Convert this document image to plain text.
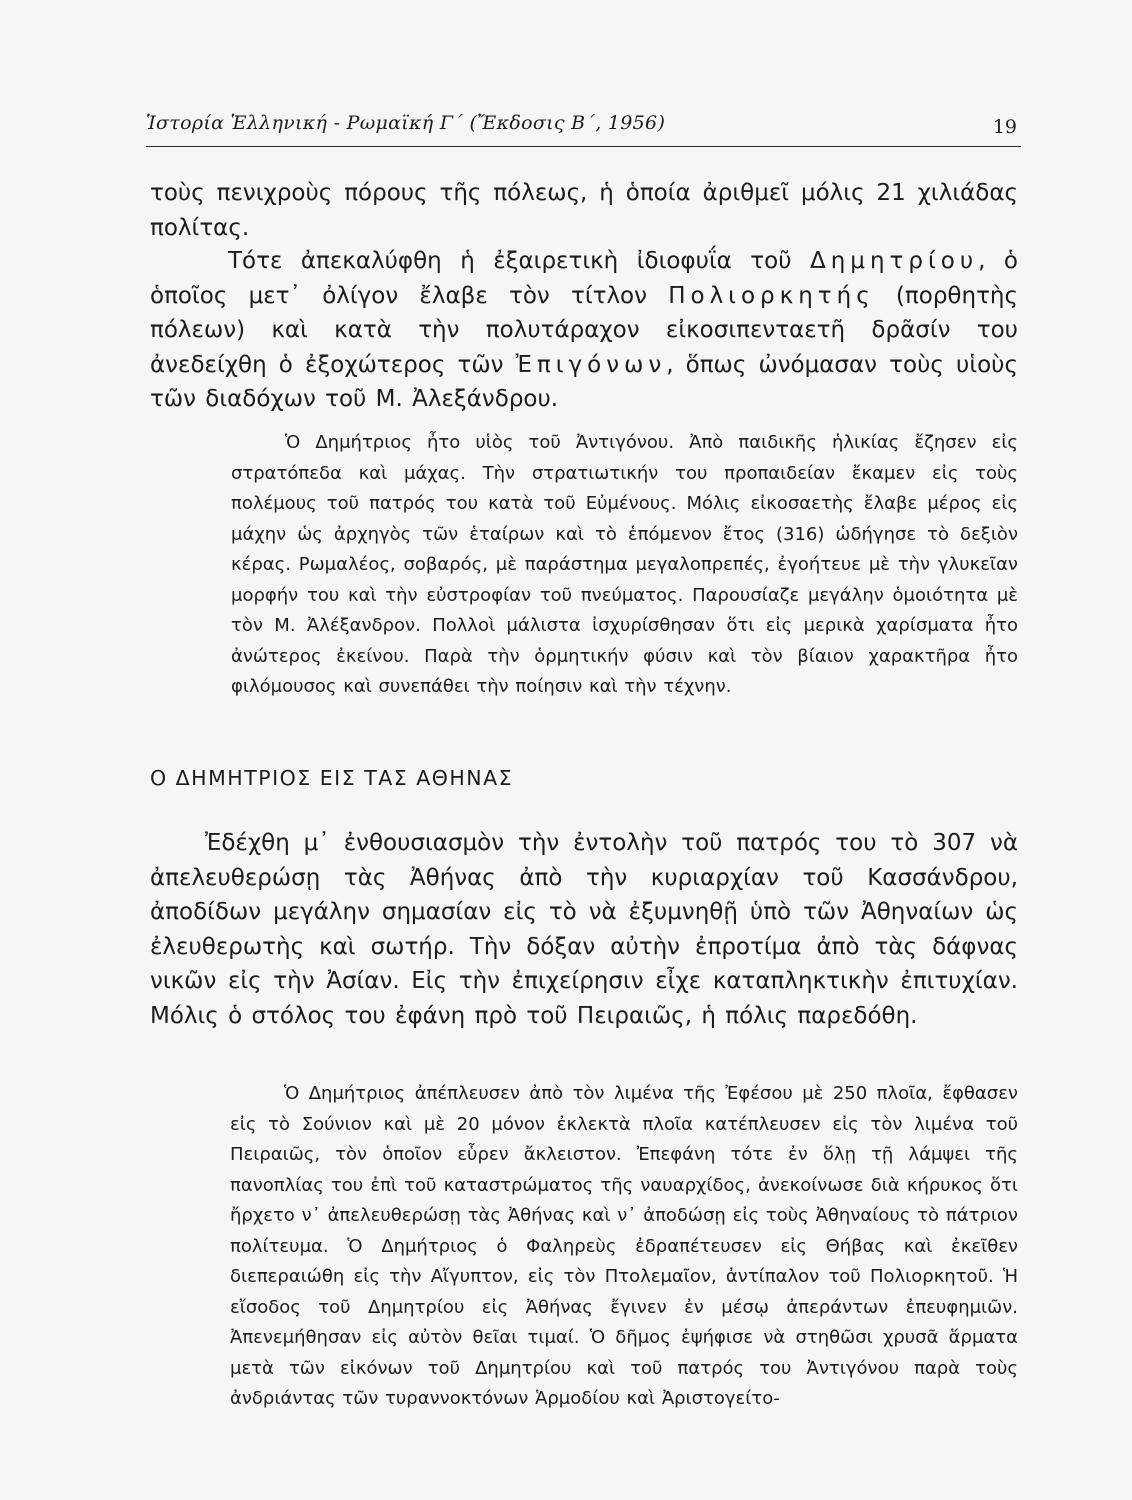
Ἱστορία Ἑλληνική - Ρωμαϊκή Γ΄ (Ἔκδοσις Β΄, 1956)	19

τοὺς πενιχροὺς πόρους τῆς πόλεως, ἡ ὁποία ἀριθμεῖ μόλις 21 χιλιάδας πολίτας.

Τότε ἀπεκαλύφθη ἡ ἐξαιρετικὴ ἰδιοφυΐα τοῦ Δημητρίου, ὁ ὁποῖος μετ᾽ ὀλίγον ἔλαβε τὸν τίτλον Πολιορκητής (πορθητὴς πόλεων) καὶ κατὰ τὴν πολυτάραχον εἰκοσιπενταετῆ δρᾶσίν του ἀνεδείχθη ὁ ἐξοχώτερος τῶν Ἐπιγόνων, ὅπως ὠνόμασαν τοὺς υἱοὺς τῶν διαδόχων τοῦ Μ. Ἀλεξάνδρου.

Ὁ Δημήτριος ἦτο υἱὸς τοῦ Ἀντιγόνου. Ἀπὸ παιδικῆς ἡλικίας ἔζησεν εἰς στρατόπεδα καὶ μάχας. Τὴν στρατιωτικήν του προπαιδείαν ἔκαμεν εἰς τοὺς πολέμους τοῦ πατρός του κατὰ τοῦ Εὐμένους. Μόλις εἰκοσαετὴς ἔλαβε μέρος εἰς μάχην ὡς ἀρχηγὸς τῶν ἑταίρων καὶ τὸ ἑπόμενον ἔτος (316) ὡδήγησε τὸ δεξιὸν κέρας. Ρωμαλέος, σοβαρός, μὲ παράστημα μεγαλοπρεπές, ἐγοήτευε μὲ τὴν γλυκεῖαν μορφήν του καὶ τὴν εὐστροφίαν τοῦ πνεύματος. Παρουσίαζε μεγάλην ὁμοιότητα μὲ τὸν Μ. Ἀλέξανδρον. Πολλοὶ μάλιστα ἰσχυρίσθησαν ὅτι εἰς μερικὰ χαρίσματα ἦτο ἀνώτερος ἐκείνου. Παρὰ τὴν ὁρμητικήν φύσιν καὶ τὸν βίαιον χαρακτῆρα ἦτο φιλόμουσος καὶ συνεπάθει τὴν ποίησιν καὶ τὴν τέχνην.

Ο ΔΗΜΗΤΡΙΟΣ ΕΙΣ ΤΑΣ ΑΘΗΝΑΣ

Ἐδέχθη μ᾽ ἐνθουσιασμὸν τὴν ἐντολὴν τοῦ πατρός του τὸ 307 νὰ ἀπελευθερώσῃ τὰς Ἀθήνας ἀπὸ τὴν κυριαρχίαν τοῦ Κασσάνδρου, ἀποδίδων μεγάλην σημασίαν εἰς τὸ νὰ ἐξυμνηθῇ ὑπὸ τῶν Ἀθηναίων ὡς ἐλευθερωτὴς καὶ σωτήρ. Τὴν δόξαν αὐτὴν ἐπροτίμα ἀπὸ τὰς δάφνας νικῶν εἰς τὴν Ἀσίαν. Εἰς τὴν ἐπιχείρησιν εἶχε καταπληκτικὴν ἐπιτυχίαν. Μόλις ὁ στόλος του ἐφάνη πρὸ τοῦ Πειραιῶς, ἡ πόλις παρεδόθη.

Ὁ Δημήτριος ἀπέπλευσεν ἀπὸ τὸν λιμένα τῆς Ἐφέσου μὲ 250 πλοῖα, ἔφθασεν εἰς τὸ Σούνιον καὶ μὲ 20 μόνον ἐκλεκτὰ πλοῖα κατέπλευσεν εἰς τὸν λιμένα τοῦ Πειραιῶς, τὸν ὁποῖον εὗρεν ἄκλειστον. Ἐπεφάνη τότε ἐν ὅλῃ τῇ λάμψει τῆς πανοπλίας του ἐπὶ τοῦ καταστρώματος τῆς ναυαρχίδος, ἀνεκοίνωσε διὰ κήρυκος ὅτι ἤρχετο ν᾽ ἀπελευθερώσῃ τὰς Ἀθήνας καὶ ν᾽ ἀποδώσῃ εἰς τοὺς Ἀθηναίους τὸ πάτριον πολίτευμα. Ὁ Δημήτριος ὁ Φαληρεὺς ἐδραπέτευσεν εἰς Θήβας καὶ ἐκεῖθεν διεπεραιώθη εἰς τὴν Αἴγυπτον, εἰς τὸν Πτολεμαῖον, ἀντίπαλον τοῦ Πολιορκητοῦ. Ἡ εἴσοδος τοῦ Δημητρίου εἰς Ἀθήνας ἔγινεν ἐν μέσῳ ἀπεράντων ἐπευφημιῶν. Ἀπενεμήθησαν εἰς αὐτὸν θεῖαι τιμαί. Ὁ δῆμος ἐψήφισε νὰ στηθῶσι χρυσᾶ ἅρματα μετὰ τῶν εἰκόνων τοῦ Δημητρίου καὶ τοῦ πατρός του Ἀντιγόνου παρὰ τοὺς ἀνδριάντας τῶν τυραννοκτόνων Ἁρμοδίου καὶ Ἀριστογείτο-
